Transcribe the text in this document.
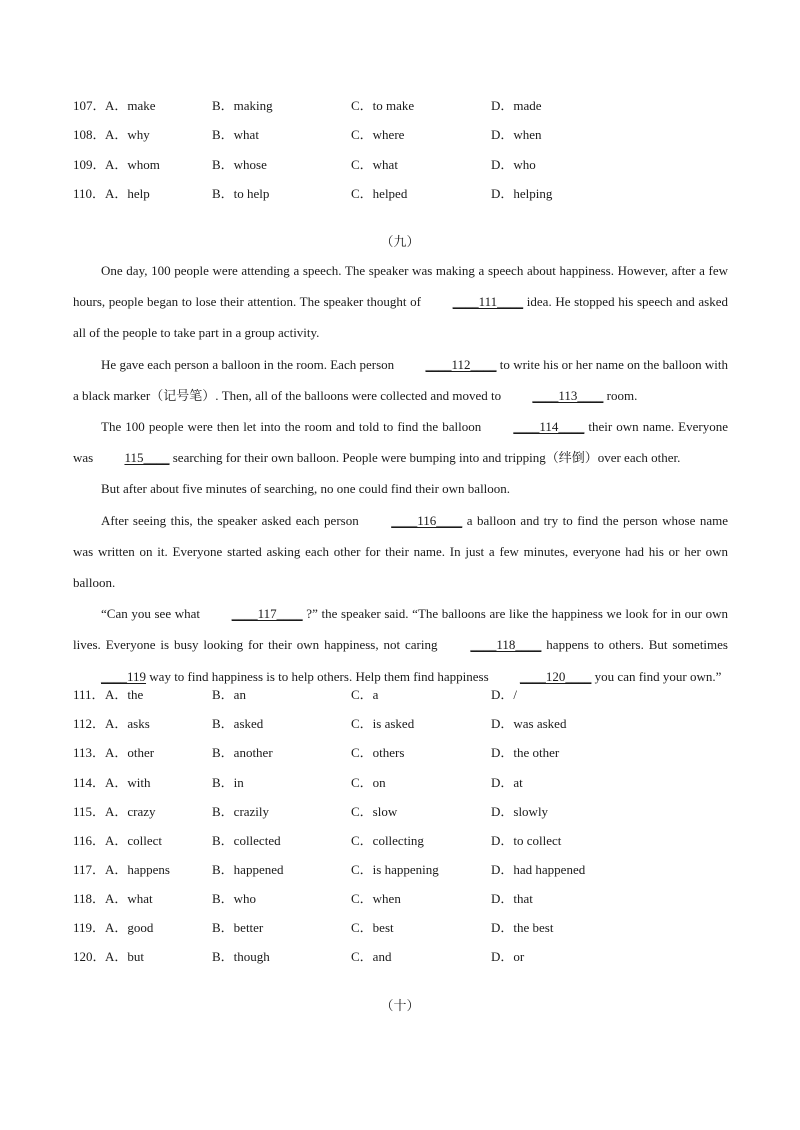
107． A．make	B．making	C．to make	D．made
108． A．why	B．what	C．where	D．when
109． A．whom	B．whose	C．what	D．who
110． A．help	B．to help	C．helped	D．helping
（九）

One day, 100 people were attending a speech. The speaker was making a speech about happiness. However, after a few hours, people began to lose their attention. The speaker thought of ____111____ idea. He stopped his speech and asked all of the people to take part in a group activity.

He gave each person a balloon in the room. Each person ____112____ to write his or her name on the balloon with a black marker（记号笔）. Then, all of the balloons were collected and moved to ____113____ room.

The 100 people were then let into the room and told to find the balloon ____114____ their own name. Everyone was 115____ searching for their own balloon. People were bumping into and tripping（绊倒）over each other.

But after about five minutes of searching, no one could find their own balloon.

After seeing this, the speaker asked each person ____116____ a balloon and try to find the person whose name was written on it. Everyone started asking each other for their name. In just a few minutes, everyone had his or her own balloon.

“Can you see what ____117____ ?” the speaker said. “The balloons are like the happiness we look for in our own lives. Everyone is busy looking for their own happiness, not caring ____118____ happens to others. But sometimes ____119 way to find happiness is to help others. Help them find happiness ____120____ you can find your own.”

111． A．the	B．an	C．a	D．/
112． A．asks	B．asked	C．is asked	D．was asked
113． A．other	B．another	C．others	D．the other
114． A．with	B．in	C．on	D．at
115． A．crazy	B．crazily	C．slow	D．slowly
116． A．collect	B．collected	C．collecting	D．to collect
117． A．happens	B．happened	C．is happening	D．had happened
118． A．what	B．who	C．when	D．that
119． A．good	B．better	C．best	D．the best
120． A．but	B．though	C．and	D．or
（十）
